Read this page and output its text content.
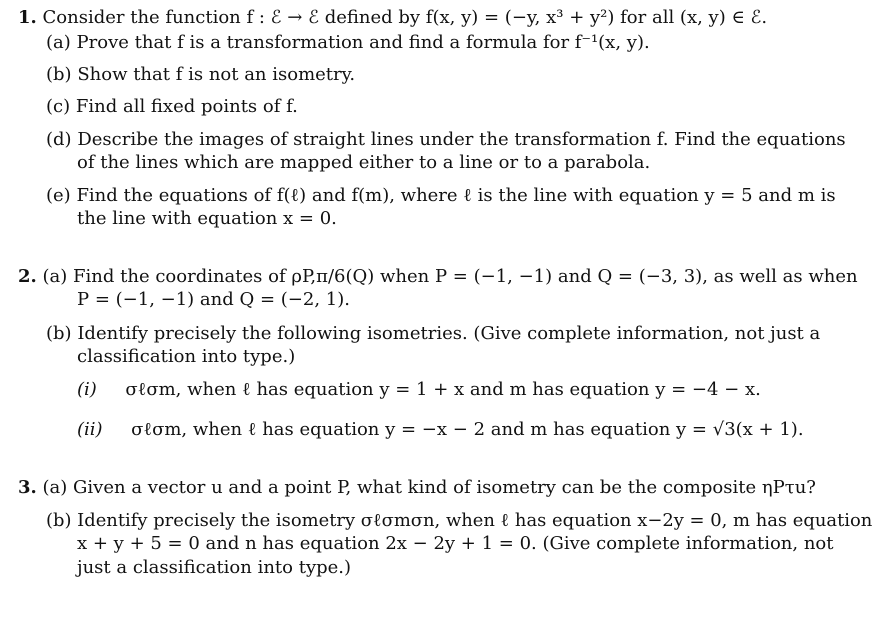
1. Consider the function f : ℰ → ℰ defined by f(x, y) = (−y, x³ + y²) for all (x, y) ∈ ℰ.
(a) Prove that f is a transformation and find a formula for f⁻¹(x, y).
(b) Show that f is not an isometry.
(c) Find all fixed points of f.
(d) Describe the images of straight lines under the transformation f. Find the equations
of the lines which are mapped either to a line or to a parabola.
(e) Find the equations of f(ℓ) and f(m), where ℓ is the line with equation y = 5 and m is
the line with equation x = 0.
2. (a) Find the coordinates of ρP,π/6(Q) when P = (−1, −1) and Q = (−3, 3), as well as when
P = (−1, −1) and Q = (−2, 1).
(b) Identify precisely the following isometries. (Give complete information, not just a
classification into type.)
(i) σℓσm, when ℓ has equation y = 1 + x and m has equation y = −4 − x.
(ii) σℓσm, when ℓ has equation y = −x − 2 and m has equation y = √3(x + 1).
3. (a) Given a vector u and a point P, what kind of isometry can be the composite ηPτu?
(b) Identify precisely the isometry σℓσmσn, when ℓ has equation x−2y = 0, m has equation
x + y + 5 = 0 and n has equation 2x − 2y + 1 = 0. (Give complete information, not
just a classification into type.)
